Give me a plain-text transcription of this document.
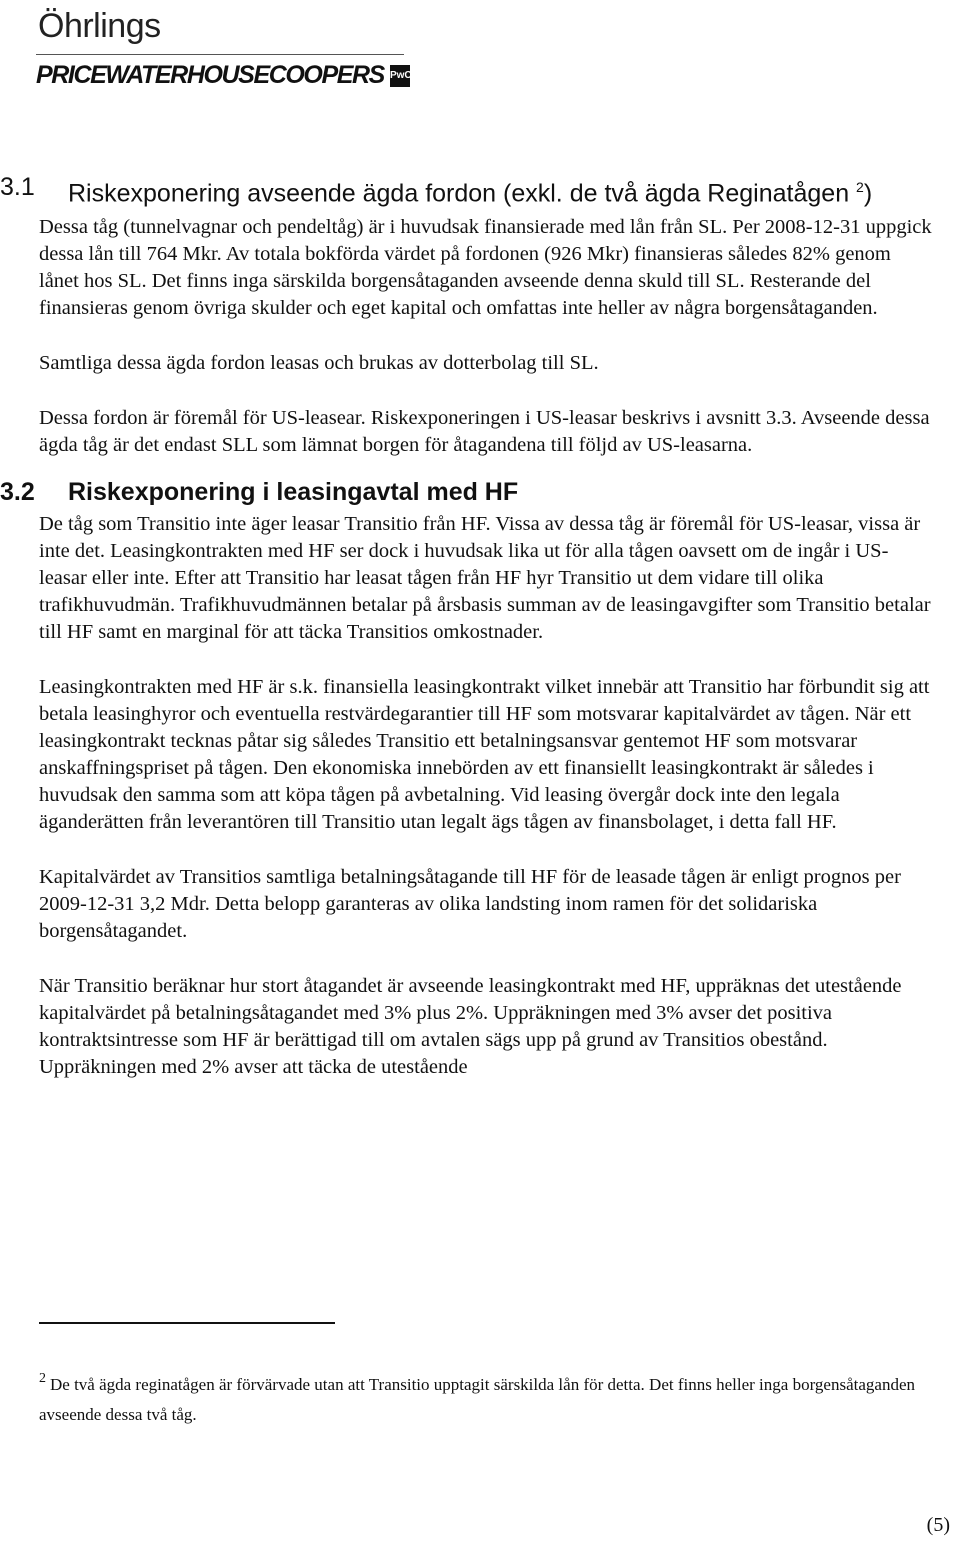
Öhrlings
PRICEWATERHOUSECOOPERS PwC
3.1	Riskexponering avseende ägda fordon (exkl. de två ägda Reginatågen $^2$)

Dessa tåg (tunnelvagnar och pendeltåg) är i huvudsak finansierade med lån från SL. Per 2008-12-31 uppgick dessa lån till 764 Mkr. Av totala bokförda värdet på fordonen (926 Mkr) finansieras således 82% genom lånet hos SL. Det finns inga särskilda borgensåtaganden avseende denna skuld till SL. Resterande del finansieras genom övriga skulder och eget kapital och omfattas inte heller av några borgensåtaganden.

Samtliga dessa ägda fordon leasas och brukas av dotterbolag till SL.

Dessa fordon är föremål för US-leasear. Riskexponeringen i US-leasar beskrivs i avsnitt 3.3. Avseende dessa ägda tåg är det endast SLL som lämnat borgen för åtagandena till följd av US-leasarna.

3.2	Riskexponering i leasingavtal med HF

De tåg som Transitio inte äger leasar Transitio från HF. Vissa av dessa tåg är föremål för US-leasar, vissa är inte det. Leasingkontrakten med HF ser dock i huvudsak lika ut för alla tågen oavsett om de ingår i US-leasar eller inte. Efter att Transitio har leasat tågen från HF hyr Transitio ut dem vidare till olika trafikhuvudmän. Trafikhuvudmännen betalar på årsbasis summan av de leasingavgifter som Transitio betalar till HF samt en marginal för att täcka Transitios omkostnader.

Leasingkontrakten med HF är s.k. finansiella leasingkontrakt vilket innebär att Transitio har förbundit sig att betala leasinghyror och eventuella restvärdegarantier till HF som motsvarar kapitalvärdet av tågen. När ett leasingkontrakt tecknas påtar sig således Transitio ett betalningsansvar gentemot HF som motsvarar anskaffningspriset på tågen. Den ekonomiska innebörden av ett finansiellt leasingkontrakt är således i huvudsak den samma som att köpa tågen på avbetalning. Vid leasing övergår dock inte den legala äganderätten från leverantören till Transitio utan legalt ägs tågen av finansbolaget, i detta fall HF.

Kapitalvärdet av Transitios samtliga betalningsåtagande till HF för de leasade tågen är enligt prognos per 2009-12-31 3,2 Mdr. Detta belopp garanteras av olika landsting inom ramen för det solidariska borgensåtagandet.

När Transitio beräknar hur stort åtagandet är avseende leasingkontrakt med HF, uppräknas det utestående kapitalvärdet på betalningsåtagandet med 3% plus 2%. Uppräkningen med 3% avser det positiva kontraktsintresse som HF är berättigad till om avtalen sägs upp på grund av Transitios obestånd. Uppräkningen med 2% avser att täcka de utestående

$^2$ De två ägda reginatågen är förvärvade utan att Transitio upptagit särskilda lån för detta. Det finns heller inga borgensåtaganden avseende dessa två tåg.
(5)
